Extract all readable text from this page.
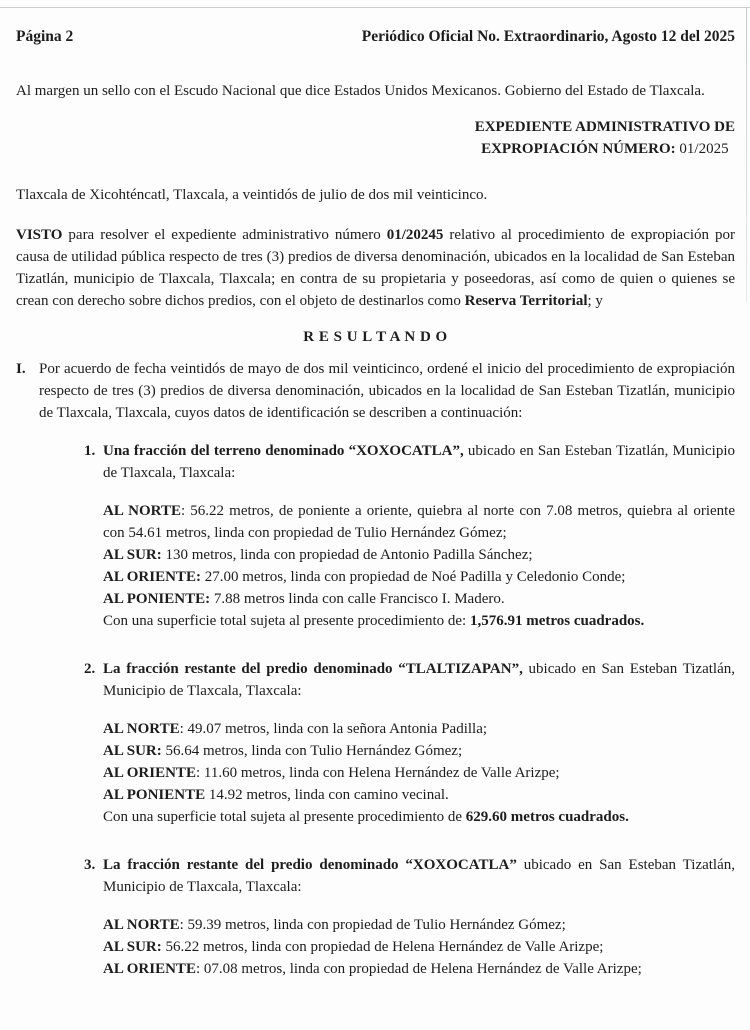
Página 2	Periódico Oficial No. Extraordinario, Agosto 12 del 2025

Al margen un sello con el Escudo Nacional que dice Estados Unidos Mexicanos. Gobierno del Estado de Tlaxcala.

EXPEDIENTE ADMINISTRATIVO DE
EXPROPIACIÓN NÚMERO: 01/2025

Tlaxcala de Xicohténcatl, Tlaxcala, a veintidós de julio de dos mil veinticinco.

VISTO para resolver el expediente administrativo número 01/20245 relativo al procedimiento de expropiación por causa de utilidad pública respecto de tres (3) predios de diversa denominación, ubicados en la localidad de San Esteban Tizatlán, municipio de Tlaxcala, Tlaxcala; en contra de su propietaria y poseedoras, así como de quien o quienes se crean con derecho sobre dichos predios, con el objeto de destinarlos como Reserva Territorial; y

R E S U L T A N D O

I. Por acuerdo de fecha veintidós de mayo de dos mil veinticinco, ordené el inicio del procedimiento de expropiación respecto de tres (3) predios de diversa denominación, ubicados en la localidad de San Esteban Tizatlán, municipio de Tlaxcala, Tlaxcala, cuyos datos de identificación se describen a continuación:

1. Una fracción del terreno denominado “XOXOCATLA”, ubicado en San Esteban Tizatlán, Municipio de Tlaxcala, Tlaxcala:

AL NORTE: 56.22 metros, de poniente a oriente, quiebra al norte con 7.08 metros, quiebra al oriente con 54.61 metros, linda con propiedad de Tulio Hernández Gómez;

AL SUR: 130 metros, linda con propiedad de Antonio Padilla Sánchez;

AL ORIENTE: 27.00 metros, linda con propiedad de Noé Padilla y Celedonio Conde;

AL PONIENTE: 7.88 metros linda con calle Francisco I. Madero.

Con una superficie total sujeta al presente procedimiento de: 1,576.91 metros cuadrados.

2. La fracción restante del predio denominado “TLALTIZAPAN”, ubicado en San Esteban Tizatlán, Municipio de Tlaxcala, Tlaxcala:

AL NORTE: 49.07 metros, linda con la señora Antonia Padilla;

AL SUR: 56.64 metros, linda con Tulio Hernández Gómez;

AL ORIENTE: 11.60 metros, linda con Helena Hernández de Valle Arizpe;

AL PONIENTE 14.92 metros, linda con camino vecinal.

Con una superficie total sujeta al presente procedimiento de 629.60 metros cuadrados.

3. La fracción restante del predio denominado “XOXOCATLA” ubicado en San Esteban Tizatlán, Municipio de Tlaxcala, Tlaxcala:

AL NORTE: 59.39 metros, linda con propiedad de Tulio Hernández Gómez;

AL SUR: 56.22 metros, linda con propiedad de Helena Hernández de Valle Arizpe;

AL ORIENTE: 07.08 metros, linda con propiedad de Helena Hernández de Valle Arizpe;
